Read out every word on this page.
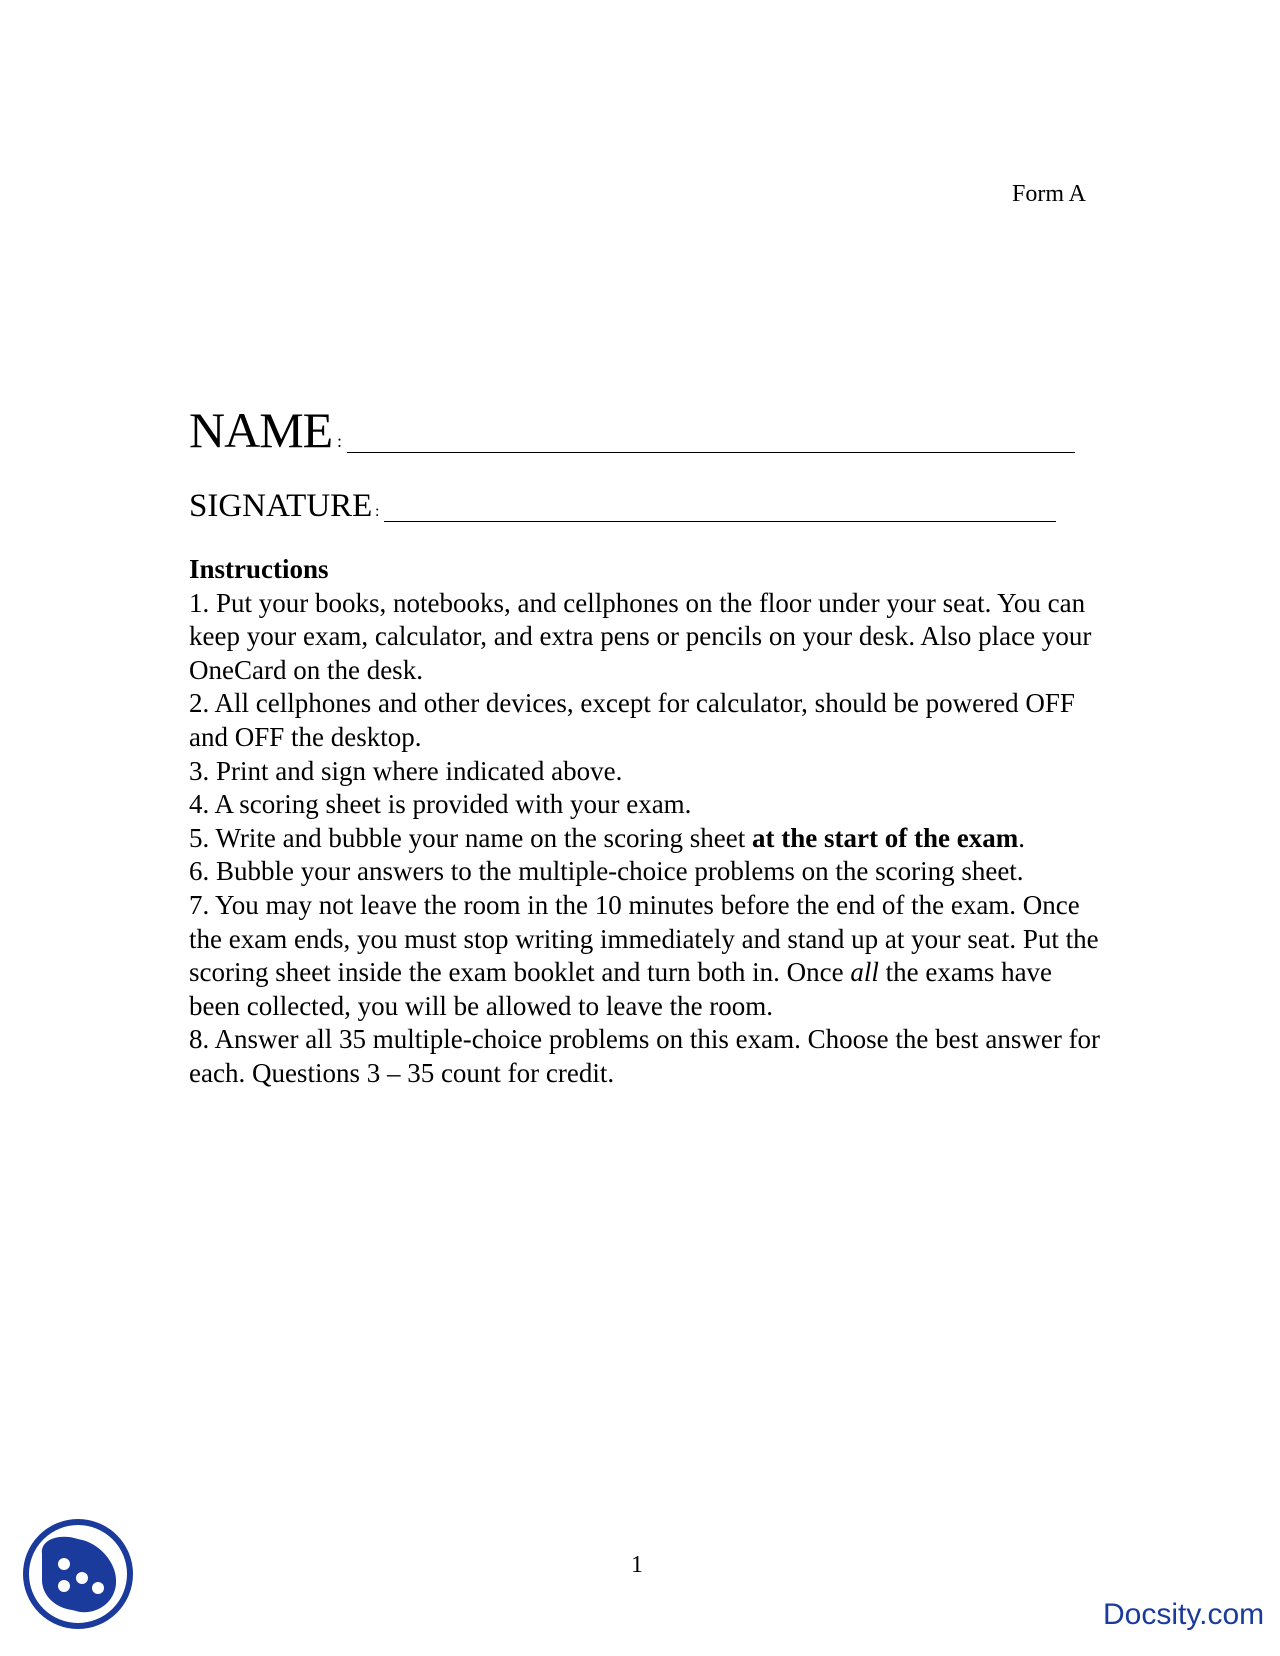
Form A
NAME :
SIGNATURE :

Instructions

1. Put your books, notebooks, and cellphones on the floor under your seat. You can keep your exam, calculator, and extra pens or pencils on your desk. Also place your OneCard on the desk.

2. All cellphones and other devices, except for calculator, should be powered OFF and OFF the desktop.

3. Print and sign where indicated above.

4. A scoring sheet is provided with your exam.

5. Write and bubble your name on the scoring sheet at the start of the exam.

6. Bubble your answers to the multiple-choice problems on the scoring sheet.

7. You may not leave the room in the 10 minutes before the end of the exam. Once the exam ends, you must stop writing immediately and stand up at your seat. Put the scoring sheet inside the exam booklet and turn both in. Once all the exams have been collected, you will be allowed to leave the room.

8. Answer all 35 multiple-choice problems on this exam. Choose the best answer for each. Questions 3 – 35 count for credit.

1
Docsity.com
